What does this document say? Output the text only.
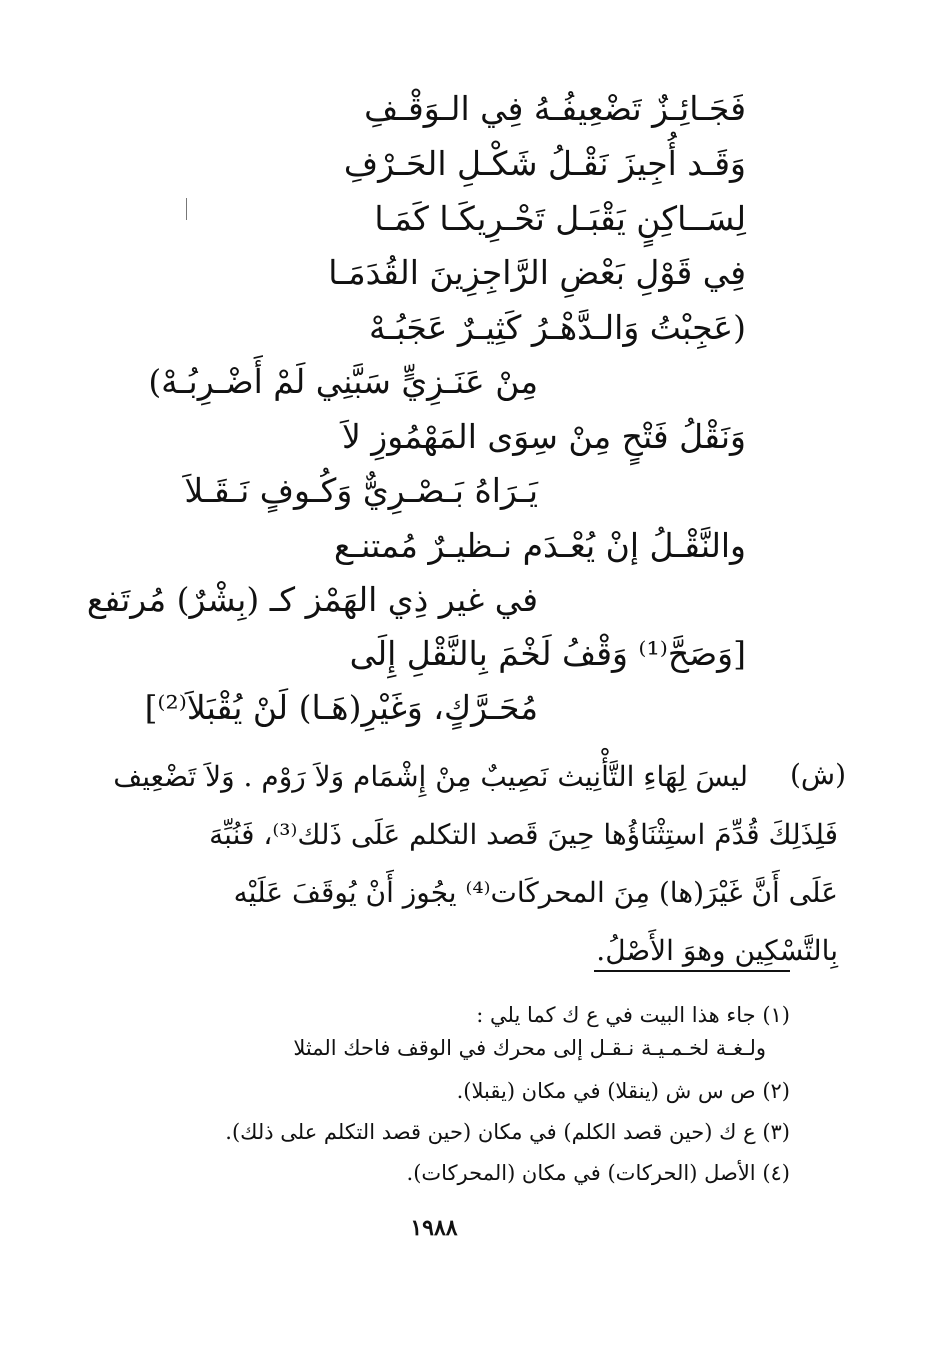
فَجَـائِـزٌ تَضْعِيفُـهُ فِي الـوَقْـفِ
وَقَـد أُجِيزَ نَقْـلُ شَكْـلِ الحَـرْفِ
لِسَــاكِنٍ يَقْبَـل تَحْـرِيكَـا كَمَـا
فِي قَوْلِ بَعْضِ الرَّاجِزِينَ القُدَمَـا
(عَجِبْتُ وَالـدَّهْـرُ كَثِيـرٌ عَجَبُـهْ
مِنْ عَنَـزِيٍّ سَبَّنِي لَمْ أَضْـرِبُـهْ)
وَنَقْلُ فَتْحٍ مِنْ سِوَى المَهْمُوزِ لاَ
يَـرَاهُ بَـصْـرِيٌّ وَكُـوفٍ نَـقَـلاَ
والنَّقْـلُ إنْ يُعْـدَم نـظيـرٌ مُمتنـع
في غير ذِي الهَمْز كـ (بِشْرٌ) مُرتَفع
[وَصَحَّ⁽¹⁾ وَقْفُ لَخْمَ بِالنَّقْلِ إِلَى
مُحَـرَّكٍ، وَغَيْرِ(هَـا) لَنْ يُقْبَلاَ⁽²⁾]
(ش)
ليسَ لِهَاءِ التَّأْنِيث نَصِيبٌ مِنْ إِشْمَام وَلاَ رَوْم . وَلاَ تَضْعِيف
فَلِذَلِكَ قُدِّمَ استِثْنَاؤُها حِينَ قَصد التكلم عَلَى ذَلك⁽³⁾، فَنُبِّهَ
عَلَى أَنَّ غَيْرَ(ها) مِنَ المحركَات⁽⁴⁾ يجُوز أَنْ يُوقَفَ عَلَيْه
بِالتَّسْكِين وهوَ الأَصْلُ.
(١) جاء هذا البيت في ع ك كما يلي :
ولـغـة لخـمـيـة نـقـل إلى محرك في الوقف فاحك المثلا
(٢) ص س ش (ينقلا) في مكان (يقبلا).
(٣) ع ك (حين قصد الكلم) في مكان (حين قصد التكلم على ذلك).
(٤) الأصل (الحركات) في مكان (المحركات).
١٩٨٨
